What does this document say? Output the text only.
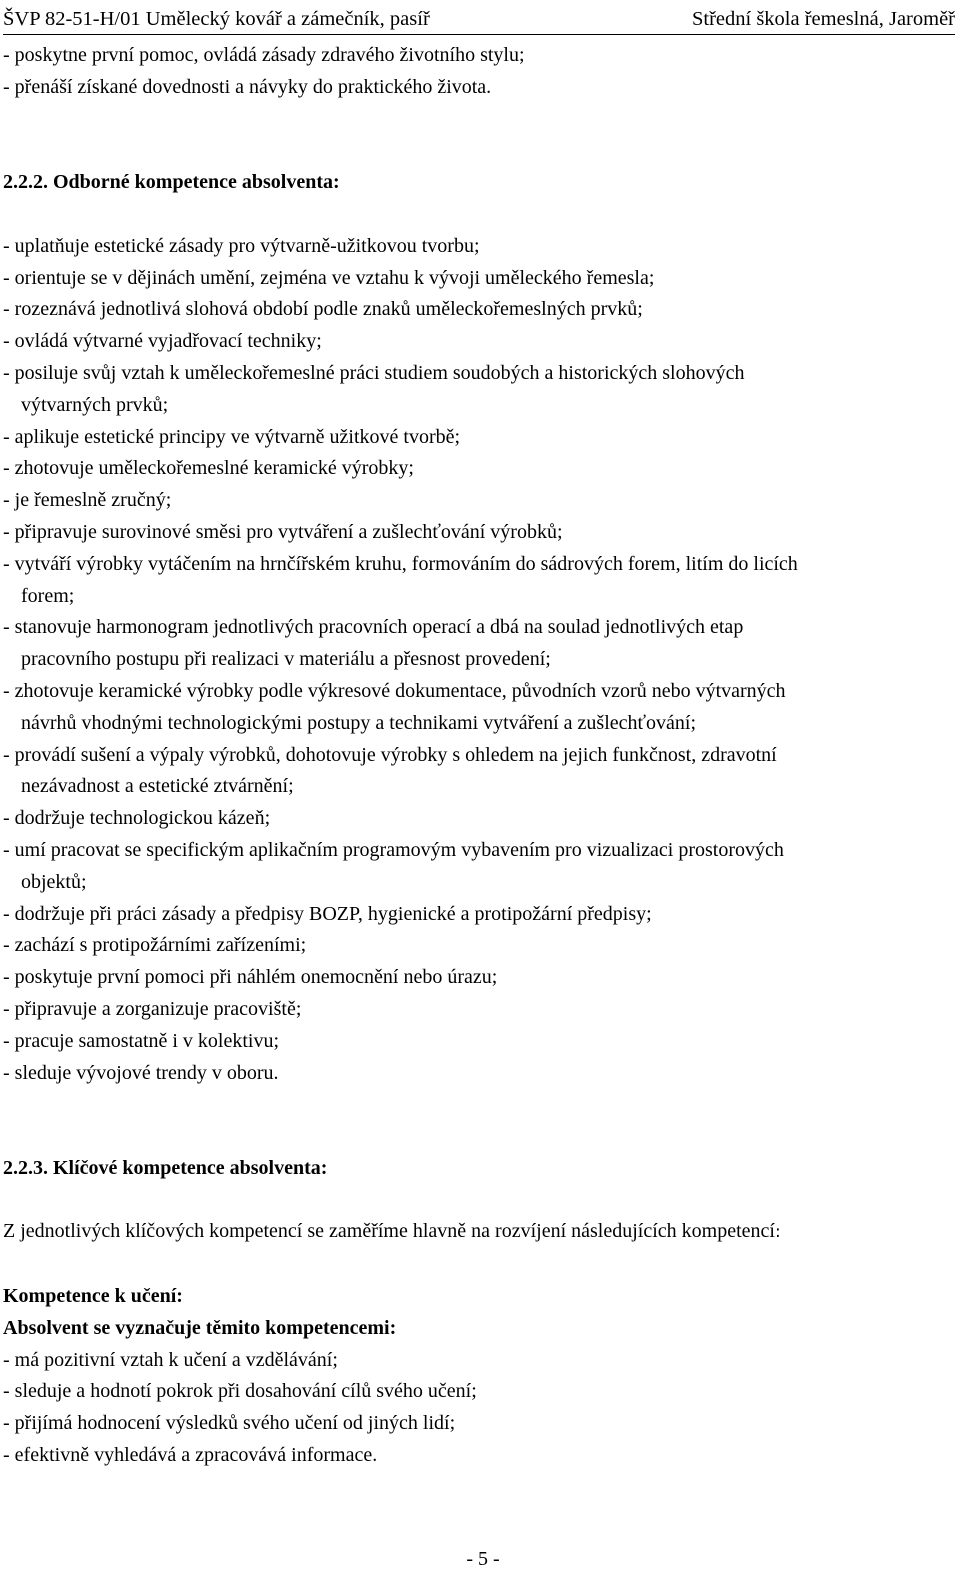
ŠVP 82-51-H/01 Umělecký kovář a zámečník, pasíř	Střední škola řemeslná, Jaroměř

- poskytne první pomoc, ovládá zásady zdravého životního stylu;

- přenáší získané dovednosti a návyky do praktického života.

2.2.2. Odborné kompetence absolventa:

- uplatňuje estetické zásady pro výtvarně-užitkovou tvorbu;

- orientuje se v dějinách umění, zejména ve vztahu k vývoji uměleckého řemesla;

- rozeznává jednotlivá slohová období podle znaků uměleckořemeslných prvků;

- ovládá výtvarné vyjadřovací techniky;

- posiluje svůj vztah k uměleckořemeslné práci studiem soudobých a historických slohových

výtvarných prvků;

- aplikuje estetické principy ve výtvarně užitkové tvorbě;

- zhotovuje uměleckořemeslné keramické výrobky;

- je řemeslně zručný;

- připravuje surovinové směsi pro vytváření a zušlechťování výrobků;

- vytváří výrobky vytáčením na hrnčířském kruhu, formováním do sádrových forem, litím do licích

forem;

- stanovuje harmonogram jednotlivých pracovních operací a dbá na soulad jednotlivých etap

pracovního postupu při realizaci v materiálu a přesnost provedení;

- zhotovuje keramické výrobky podle výkresové dokumentace, původních vzorů nebo výtvarných

návrhů vhodnými technologickými postupy a technikami vytváření a zušlechťování;

- provádí sušení a výpaly výrobků, dohotovuje výrobky s ohledem na jejich funkčnost, zdravotní

nezávadnost a estetické ztvárnění;

- dodržuje technologickou kázeň;

- umí pracovat se specifickým aplikačním programovým vybavením pro vizualizaci prostorových

objektů;

- dodržuje při práci zásady a předpisy BOZP, hygienické a protipožární předpisy;

- zachází s protipožárními zařízeními;

- poskytuje první pomoci při náhlém onemocnění nebo úrazu;

- připravuje a zorganizuje pracoviště;

- pracuje samostatně i v kolektivu;

- sleduje vývojové trendy v oboru.

2.2.3. Klíčové kompetence absolventa:

Z jednotlivých klíčových kompetencí se zaměříme hlavně na rozvíjení následujících kompetencí:

Kompetence k učení:

Absolvent se vyznačuje těmito kompetencemi:

- má pozitivní vztah k učení a vzdělávání;

- sleduje a hodnotí pokrok při dosahování cílů svého učení;

- přijímá hodnocení výsledků svého učení od jiných lidí;

- efektivně vyhledává a zpracovává informace.

- 5 -
